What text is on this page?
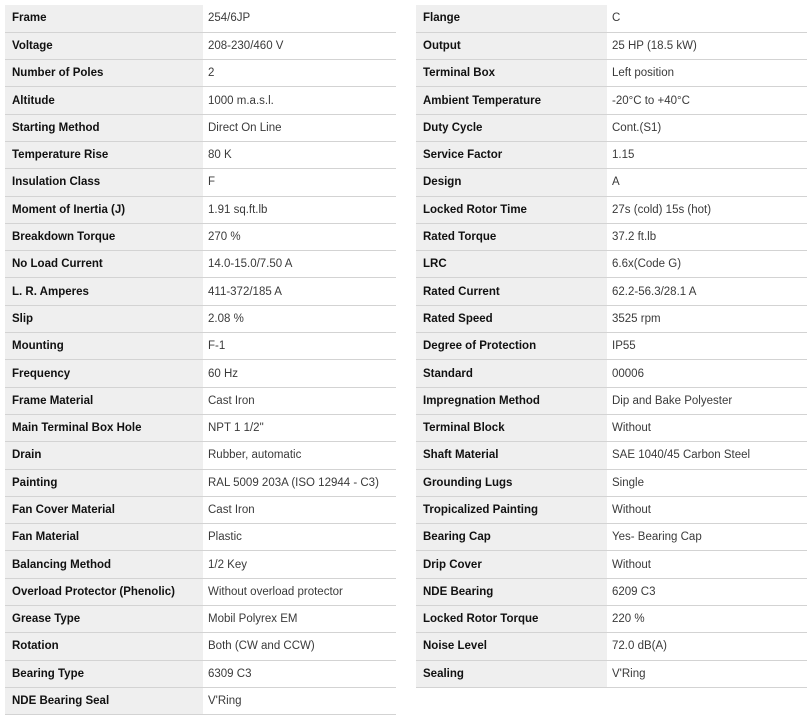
Frame	254/6JP
Voltage	208-230/460 V
Number of Poles	2
Altitude	1000 m.a.s.l.
Starting Method	Direct On Line
Temperature Rise	80 K
Insulation Class	F
Moment of Inertia (J)	1.91 sq.ft.lb
Breakdown Torque	270 %
No Load Current	14.0-15.0/7.50 A
L. R. Amperes	411-372/185 A
Slip	2.08 %
Mounting	F-1
Frequency	60 Hz
Frame Material	Cast Iron
Main Terminal Box Hole	NPT 1 1/2"
Drain	Rubber, automatic
Painting	RAL 5009 203A (ISO 12944 - C3)
Fan Cover Material	Cast Iron
Fan Material	Plastic
Balancing Method	1/2 Key
Overload Protector (Phenolic)	Without overload protector
Grease Type	Mobil Polyrex EM
Rotation	Both (CW and CCW)
Bearing Type	6309 C3
NDE Bearing Seal	V'Ring
Flange	C
Output	25 HP (18.5 kW)
Terminal Box	Left position
Ambient Temperature	-20°C to +40°C
Duty Cycle	Cont.(S1)
Service Factor	1.15
Design	A
Locked Rotor Time	27s (cold) 15s (hot)
Rated Torque	37.2 ft.lb
LRC	6.6x(Code G)
Rated Current	62.2-56.3/28.1 A
Rated Speed	3525 rpm
Degree of Protection	IP55
Standard	00006
Impregnation Method	Dip and Bake Polyester
Terminal Block	Without
Shaft Material	SAE 1040/45 Carbon Steel
Grounding Lugs	Single
Tropicalized Painting	Without
Bearing Cap	Yes- Bearing Cap
Drip Cover	Without
NDE Bearing	6209 C3
Locked Rotor Torque	220 %
Noise Level	72.0 dB(A)
Sealing	V'Ring
